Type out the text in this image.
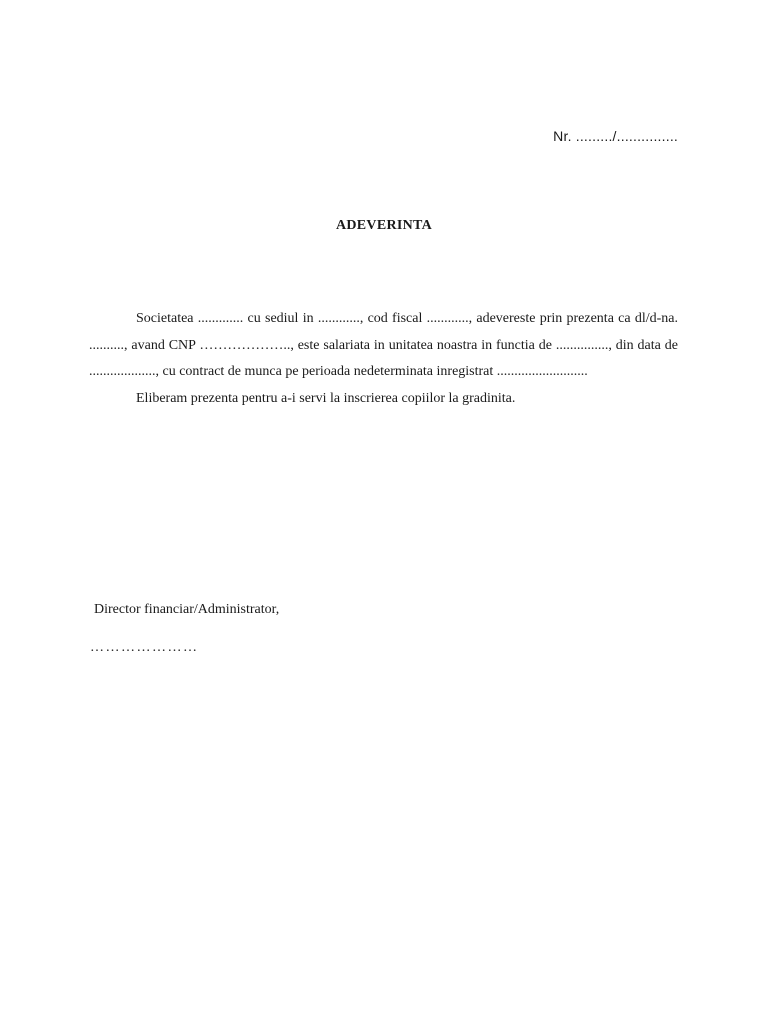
Nr. ........./...............
ADEVERINTA

Societatea ............. cu sediul in ............, cod fiscal ............, adevereste prin prezenta ca dl/d-na. .........., avand CNP ……………….., este salariata in unitatea noastra in functia de ..............., din data de ..................., cu contract de munca pe perioada nedeterminata inregistrat ..........................

Eliberam prezenta pentru a-i servi la inscrierea copiilor la gradinita.

Director financiar/Administrator,
…………………
